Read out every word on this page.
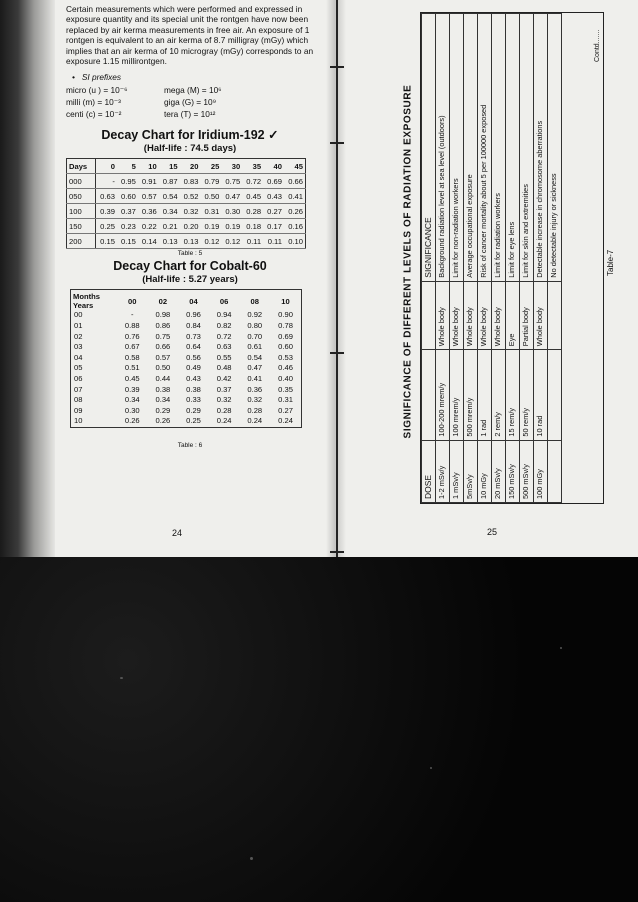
Certain measurements which were performed and expressed in exposure quantity and its special unit the rontgen have now been replaced by air kerma measurements in free air. An exposure of 1 rontgen is equivalent to an air kerma of 8.7 milligray (mGy) which implies that an air kerma of 10 microgray (mGy) corresponds to an exposure 1.15 millirontgen.

•   SI prefixes
micro (u ) = 10⁻⁶	mega (M) = 10⁶
milli (m) = 10⁻³	giga (G) = 10⁹
centi (c) = 10⁻²	tera (T) = 10¹²
Decay Chart for Iridium-192 ✓
(Half-life : 74.5 days)
Days	0	5	10	15	20	25	30	35	40	45
000	-	0.95	0.91	0.87	0.83	0.79	0.75	0.72	0.69	0.66
050	0.63	0.60	0.57	0.54	0.52	0.50	0.47	0.45	0.43	0.41
100	0.39	0.37	0.36	0.34	0.32	0.31	0.30	0.28	0.27	0.26
150	0.25	0.23	0.22	0.21	0.20	0.19	0.19	0.18	0.17	0.16
200	0.15	0.15	0.14	0.13	0.13	0.12	0.12	0.11	0.11	0.10
Table : 5
Decay Chart for Cobalt-60
(Half-life : 5.27 years)
Months
Years	00	02	04	06	08	10
00	-	0.98	0.96	0.94	0.92	0.90
01	0.88	0.86	0.84	0.82	0.80	0.78
02	0.76	0.75	0.73	0.72	0.70	0.69
03	0.67	0.66	0.64	0.63	0.61	0.60
04	0.58	0.57	0.56	0.55	0.54	0.53
05	0.51	0.50	0.49	0.48	0.47	0.46
06	0.45	0.44	0.43	0.42	0.41	0.40
07	0.39	0.38	0.38	0.37	0.36	0.35
08	0.34	0.34	0.33	0.32	0.32	0.31
09	0.30	0.29	0.29	0.28	0.28	0.27
10	0.26	0.26	0.25	0.24	0.24	0.24
Table : 6
24
SIGNIFICANCE OF DIFFERENT LEVELS OF RADIATION EXPOSURE
DOSE			SIGNIFICANCE
1-2 mSv/y	100-200 mrem/y	Whole body	Background radiation level at sea level (outdoors)
1 mSv/y	100 mrem/y	Whole body	Limit for non-radiation workers
5mSv/y	500 mrem/y	Whole body	Average occupational exposure
10 mGy	1 rad	Whole body	Risk of cancer mortality about 5 per 100000 exposed
20 mSv/y	2 rem/y	Whole body	Limit for radiation workers
150 mSv/y	15 rem/y	Eye	Limit for eye lens
500 mSv/y	50 rem/y	Partial body	Limit for skin and extremities
100 mGy	10 rad	Whole body	Detectable increase in chromosome aberrations
			No detectable injury or sickness
Contd.......
Table-7
25
